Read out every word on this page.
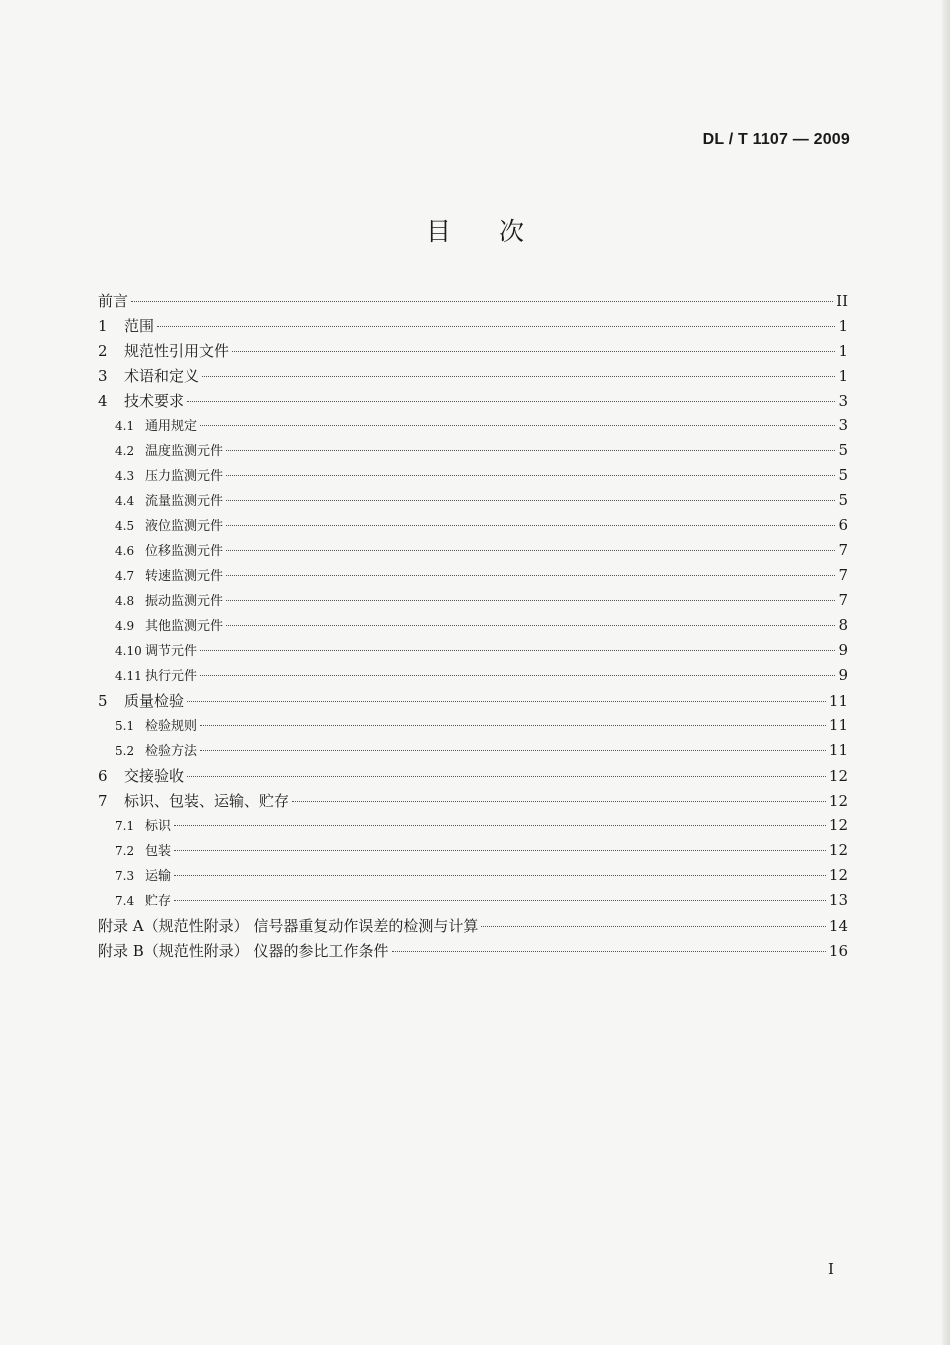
DL / T 1107 — 2009
目次
前言	II
1	范围	1
2	规范性引用文件	1
3	术语和定义	1
4	技术要求	3
4.1 通用规定	3
4.2 温度监测元件	5
4.3 压力监测元件	5
4.4 流量监测元件	5
4.5 液位监测元件	6
4.6 位移监测元件	7
4.7 转速监测元件	7
4.8 振动监测元件	7
4.9 其他监测元件	8
4.10 调节元件	9
4.11 执行元件	9
5	质量检验	11
5.1 检验规则	11
5.2 检验方法	11
6	交接验收	12
7	标识、包装、运输、贮存	12
7.1 标识	12
7.2 包装	12
7.3 运输	12
7.4 贮存	13
附录 A（规范性附录） 信号器重复动作误差的检测与计算	14
附录 B（规范性附录） 仪器的参比工作条件	16
I
